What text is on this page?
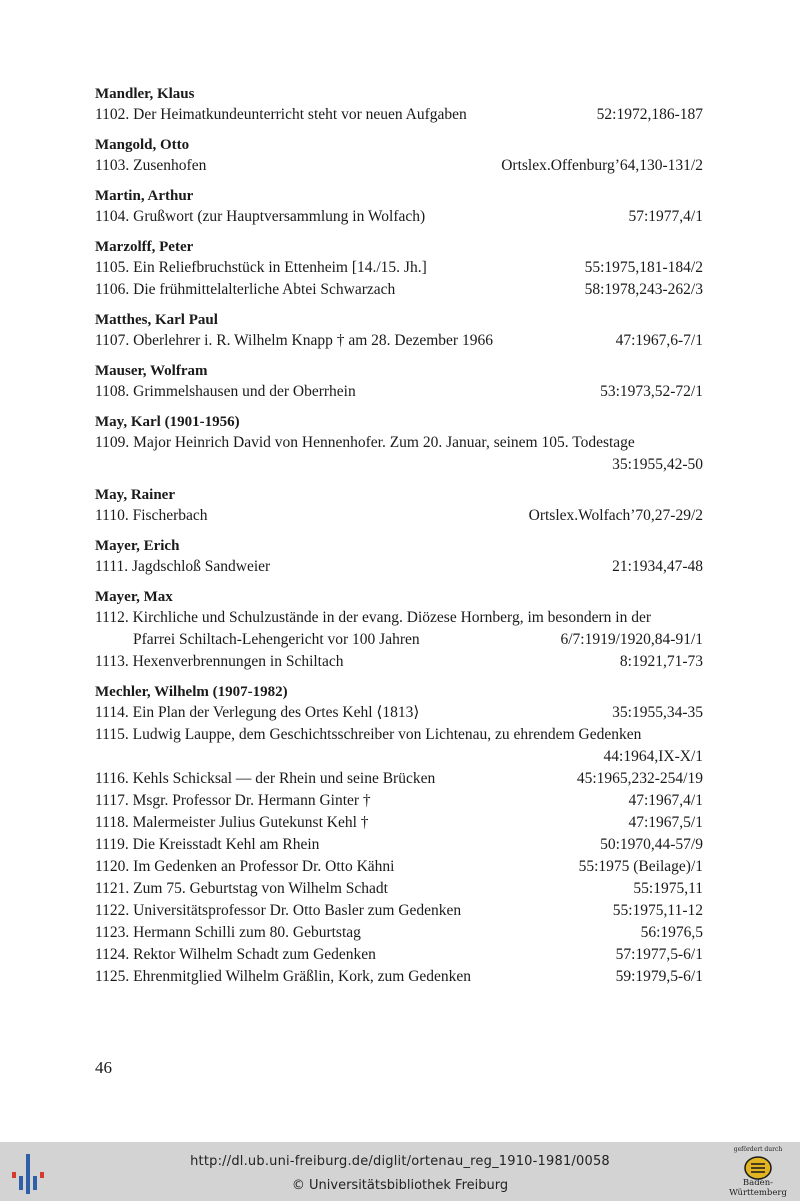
Mandler, Klaus
1102. Der Heimatkundeunterricht steht vor neuen Aufgaben	52:1972,186-187
Mangold, Otto
1103. Zusenhofen	Ortslex.Offenburg’64,130-131/2
Martin, Arthur
1104. Grußwort (zur Hauptversammlung in Wolfach)	57:1977,4/1
Marzolff, Peter
1105. Ein Reliefbruchstück in Ettenheim [14./15. Jh.]	55:1975,181-184/2
1106. Die frühmittelalterliche Abtei Schwarzach	58:1978,243-262/3
Matthes, Karl Paul
1107. Oberlehrer i. R. Wilhelm Knapp † am 28. Dezember 1966	47:1967,6-7/1
Mauser, Wolfram
1108. Grimmelshausen und der Oberrhein	53:1973,52-72/1
May, Karl (1901-1956)
1109. Major Heinrich David von Hennenhofer. Zum 20. Januar, seinem 105. Todestage
35:1955,42-50
May, Rainer
1110. Fischerbach	Ortslex.Wolfach’70,27-29/2
Mayer, Erich
1111. Jagdschloß Sandweier	21:1934,47-48
Mayer, Max
1112. Kirchliche und Schulzustände in der evang. Diözese Hornberg, im besondern in der
Pfarrei Schiltach-Lehengericht vor 100 Jahren	6/7:1919/1920,84-91/1
1113. Hexenverbrennungen in Schiltach	8:1921,71-73
Mechler, Wilhelm (1907-1982)
1114. Ein Plan der Verlegung des Ortes Kehl ⟨1813⟩	35:1955,34-35
1115. Ludwig Lauppe, dem Geschichtsschreiber von Lichtenau, zu ehrendem Gedenken
44:1964,IX-X/1
1116. Kehls Schicksal — der Rhein und seine Brücken	45:1965,232-254/19
1117. Msgr. Professor Dr. Hermann Ginter †	47:1967,4/1
1118. Malermeister Julius Gutekunst Kehl †	47:1967,5/1
1119. Die Kreisstadt Kehl am Rhein	50:1970,44-57/9
1120. Im Gedenken an Professor Dr. Otto Kähni	55:1975 (Beilage)/1
1121. Zum 75. Geburtstag von Wilhelm Schadt	55:1975,11
1122. Universitätsprofessor Dr. Otto Basler zum Gedenken	55:1975,11-12
1123. Hermann Schilli zum 80. Geburtstag	56:1976,5
1124. Rektor Wilhelm Schadt zum Gedenken	57:1977,5-6/1
1125. Ehrenmitglied Wilhelm Gräßlin, Kork, zum Gedenken	59:1979,5-6/1
46
http://dl.ub.uni-freiburg.de/diglit/ortenau_reg_1910-1981/0058
© Universitätsbibliothek Freiburg
gefördert durch
Baden-Württemberg
